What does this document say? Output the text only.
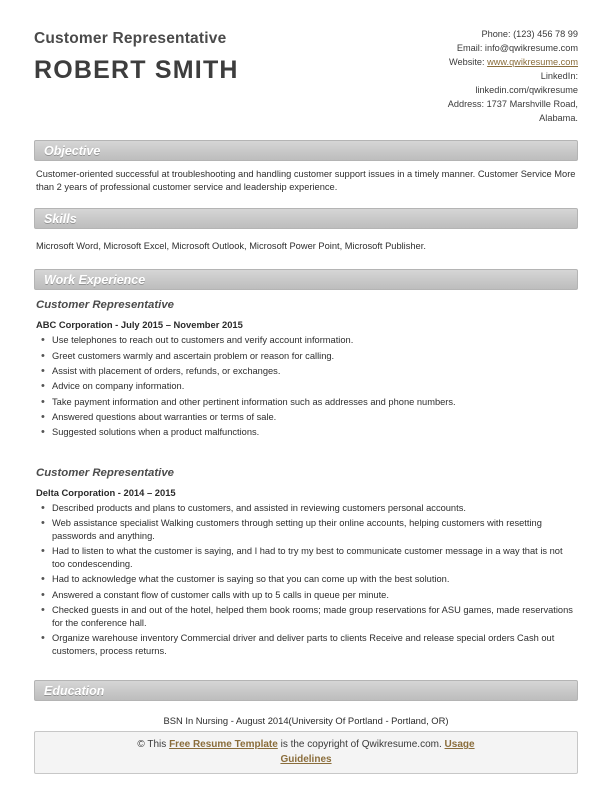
Customer Representative
ROBERT SMITH
Phone: (123) 456 78 99
Email: info@qwikresume.com
Website: www.qwikresume.com
LinkedIn:
linkedin.com/qwikresume
Address: 1737 Marshville Road,
Alabama.
Objective
Customer-oriented successful at troubleshooting and handling customer support issues in a timely manner. Customer Service More than 2 years of professional customer service and leadership experience.
Skills
Microsoft Word, Microsoft Excel, Microsoft Outlook, Microsoft Power Point, Microsoft Publisher.
Work Experience
Customer Representative
ABC Corporation - July 2015 – November 2015
• Use telephones to reach out to customers and verify account information.
• Greet customers warmly and ascertain problem or reason for calling.
• Assist with placement of orders, refunds, or exchanges.
• Advice on company information.
• Take payment information and other pertinent information such as addresses and phone numbers.
• Answered questions about warranties or terms of sale.
• Suggested solutions when a product malfunctions.
Customer Representative
Delta Corporation - 2014 – 2015
• Described products and plans to customers, and assisted in reviewing customers personal accounts.
• Web assistance specialist Walking customers through setting up their online accounts, helping customers with resetting passwords and anything.
• Had to listen to what the customer is saying, and I had to try my best to communicate customer message in a way that is not too condescending.
• Had to acknowledge what the customer is saying so that you can come up with the best solution.
• Answered a constant flow of customer calls with up to 5 calls in queue per minute.
• Checked guests in and out of the hotel, helped them book rooms; made group reservations for ASU games, made reservations for the conference hall.
• Organize warehouse inventory Commercial driver and deliver parts to clients Receive and release special orders Cash out customers, process returns.
Education
BSN In Nursing - August 2014(University Of Portland - Portland, OR)
© This Free Resume Template is the copyright of Qwikresume.com. Usage
Guidelines
